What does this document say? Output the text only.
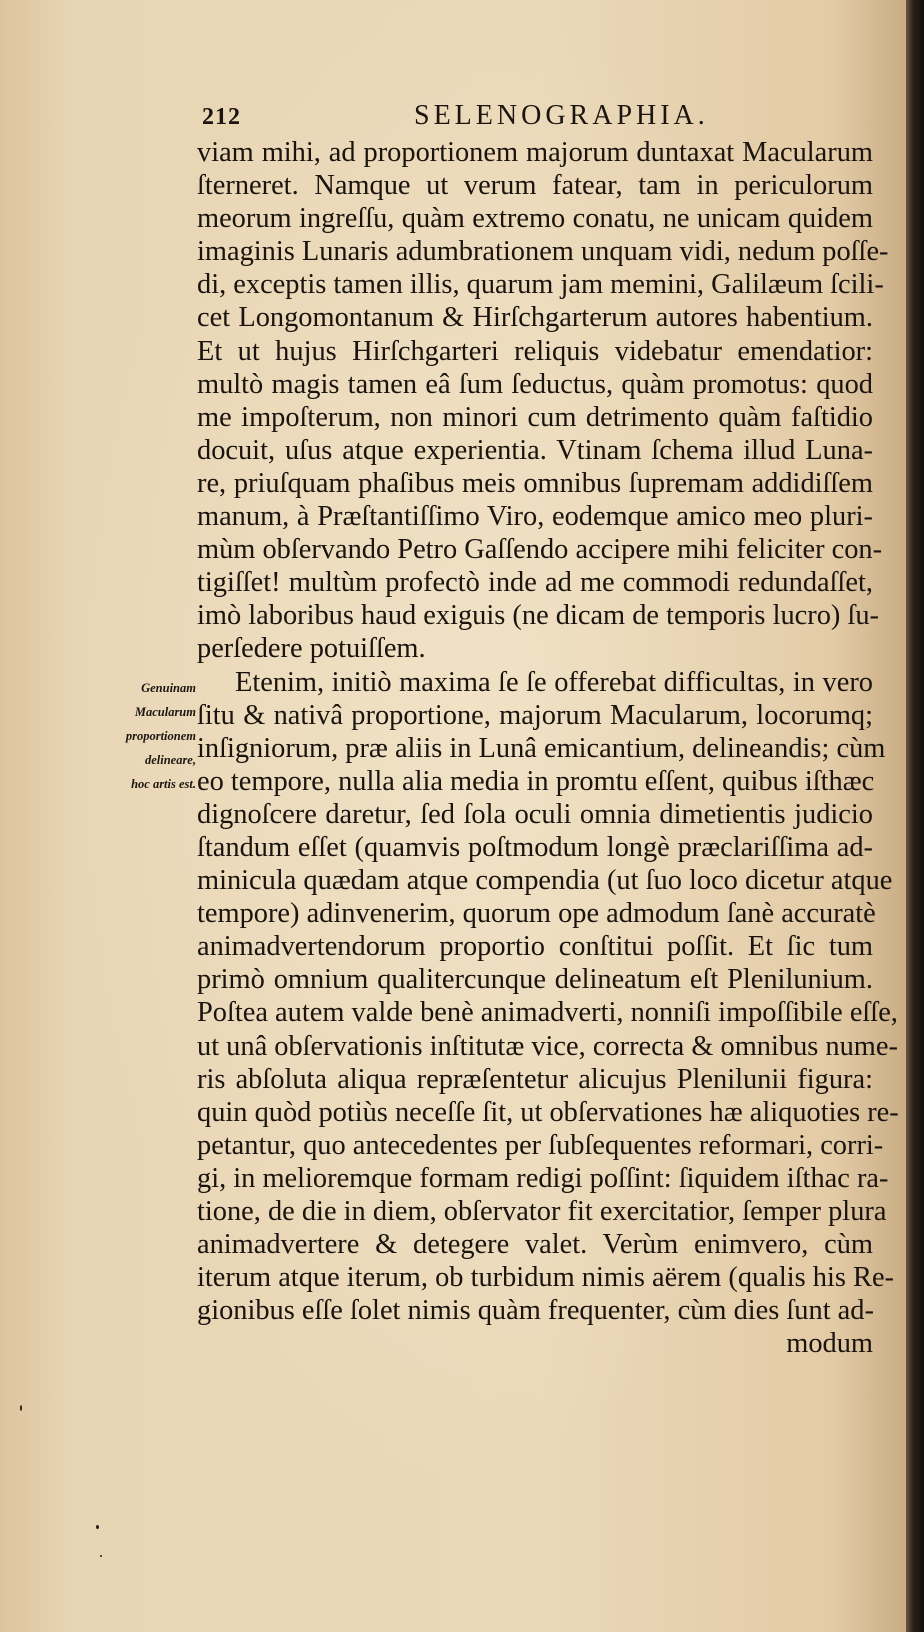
212	SELENOGRAPHIA.
Genuinam
Macularum
proportionem
delineare,
hoc artis est.
viam mihi, ad proportionem majorum duntaxat Macularum
ſterneret. Namque ut verum fatear, tam in periculorum
meorum ingreſſu, quàm extremo conatu, ne unicam quidem
imaginis Lunaris adumbrationem unquam vidi, nedum poſſe-
di, exceptis tamen illis, quarum jam memini, Galilæum ſcili-
cet Longomontanum & Hirſchgarterum autores habentium.
Et ut hujus Hirſchgarteri reliquis videbatur emendatior:
multò magis tamen eâ ſum ſeductus, quàm promotus: quod
me impoſterum, non minori cum detrimento quàm faſtidio
docuit, uſus atque experientia. Vtinam ſchema illud Luna-
re, priuſquam phaſibus meis omnibus ſupremam addidiſſem
manum, à Præſtantiſſimo Viro, eodemque amico meo pluri-
mùm obſervando Petro Gaſſendo accipere mihi feliciter con-
tigiſſet! multùm profectò inde ad me commodi redundaſſet,
imò laboribus haud exiguis (ne dicam de temporis lucro) ſu-
perſedere potuiſſem.
Etenim, initiò maxima ſe ſe offerebat difficultas, in vero
ſitu & nativâ proportione, majorum Macularum, locorumq;
inſigniorum, præ aliis in Lunâ emicantium, delineandis; cùm
eo tempore, nulla alia media in promtu eſſent, quibus iſthæc
dignoſcere daretur, ſed ſola oculi omnia dimetientis judicio
ſtandum eſſet (quamvis poſtmodum longè præclariſſima ad-
minicula quædam atque compendia (ut ſuo loco dicetur atque
tempore) adinvenerim, quorum ope admodum ſanè accuratè
animadvertendorum proportio conſtitui poſſit. Et ſic tum
primò omnium qualitercunque delineatum eſt Plenilunium.
Poſtea autem valde benè animadverti, nonniſi impoſſibile eſſe,
ut unâ obſervationis inſtitutæ vice, correcta & omnibus nume-
ris abſoluta aliqua repræſentetur alicujus Plenilunii figura:
quin quòd potiùs neceſſe ſit, ut obſervationes hæ aliquoties re-
petantur, quo antecedentes per ſubſequentes reformari, corri-
gi, in melioremque formam redigi poſſint: ſiquidem iſthac ra-
tione, de die in diem, obſervator fit exercitatior, ſemper plura
animadvertere & detegere valet. Verùm enimvero, cùm
iterum atque iterum, ob turbidum nimis aërem (qualis his Re-
gionibus eſſe ſolet nimis quàm frequenter, cùm dies ſunt ad-
modum
